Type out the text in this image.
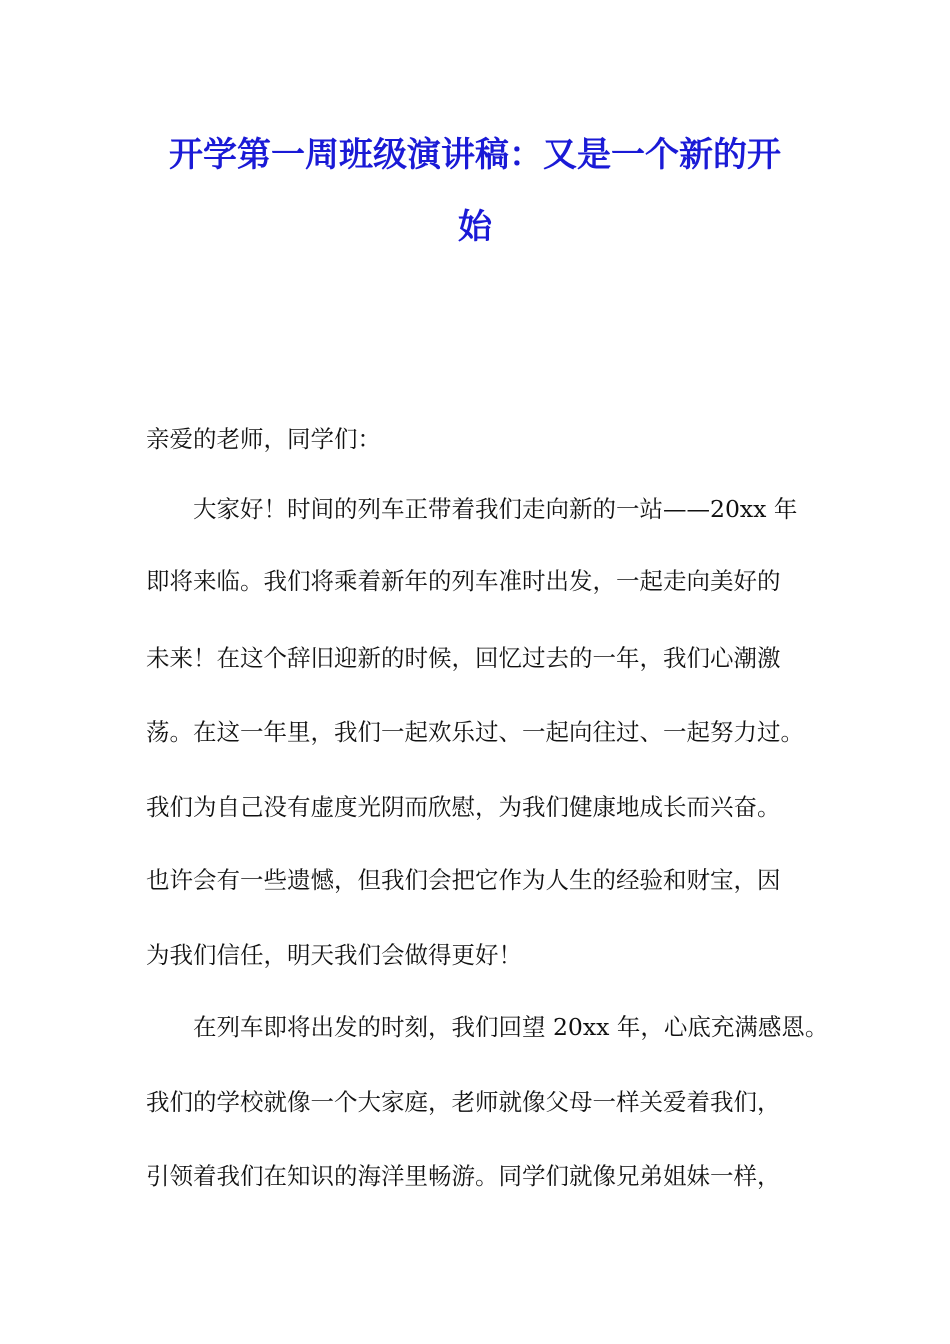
开学第一周班级演讲稿：又是一个新的开
始
亲爱的老师，同学们：
大家好！时间的列车正带着我们走向新的一站——20xx 年
即将来临。我们将乘着新年的列车准时出发，一起走向美好的
未来！在这个辞旧迎新的时候，回忆过去的一年，我们心潮激
荡。在这一年里，我们一起欢乐过、一起向往过、一起努力过。
我们为自己没有虚度光阴而欣慰，为我们健康地成长而兴奋。
也许会有一些遗憾，但我们会把它作为人生的经验和财宝，因
为我们信任，明天我们会做得更好！
在列车即将出发的时刻，我们回望 20xx 年，心底充满感恩。
我们的学校就像一个大家庭，老师就像父母一样关爱着我们，
引领着我们在知识的海洋里畅游。同学们就像兄弟姐妹一样，
